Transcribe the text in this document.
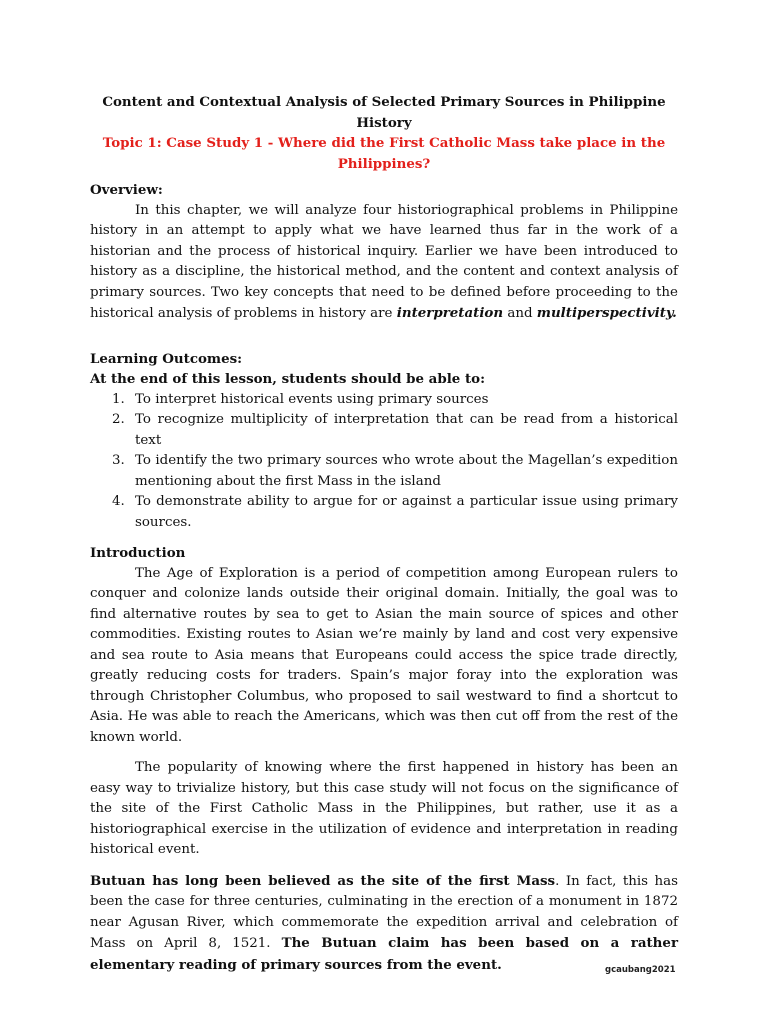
Content and Contextual Analysis of Selected Primary Sources in Philippine History

Topic 1: Case Study 1 - Where did the First Catholic Mass take place in the Philippines?

Overview:

In this chapter, we will analyze four historiographical problems in Philippine history in an attempt to apply what we have learned thus far in the work of a historian and the process of historical inquiry. Earlier we have been introduced to history as a discipline, the historical method, and the content and context analysis of primary sources. Two key concepts that need to be defined before proceeding to the historical analysis of problems in history are interpretation and multiperspectivity.

Learning Outcomes:

At the end of this lesson, students should be able to:

1. To interpret historical events using primary sources
2. To recognize multiplicity of interpretation that can be read from a historical text
3. To identify the two primary sources who wrote about the Magellan’s expedition mentioning about the first Mass in the island
4. To demonstrate ability to argue for or against a particular issue using primary sources.

Introduction

The Age of Exploration is a period of competition among European rulers to conquer and colonize lands outside their original domain. Initially, the goal was to find alternative routes by sea to get to Asian the main source of spices and other commodities. Existing routes to Asian we’re mainly by land and cost very expensive and sea route to Asia means that Europeans could access the spice trade directly, greatly reducing costs for traders. Spain’s major foray into the exploration was through Christopher Columbus, who proposed to sail westward to find a shortcut to Asia. He was able to reach the Americans, which was then cut off from the rest of the known world.

The popularity of knowing where the first happened in history has been an easy way to trivialize history, but this case study will not focus on the significance of the site of the First Catholic Mass in the Philippines, but rather, use it as a historiographical exercise in the utilization of evidence and interpretation in reading historical event.

Butuan has long been believed as the site of the first Mass. In fact, this has been the case for three centuries, culminating in the erection of a monument in 1872 near Agusan River, which commemorate the expedition arrival and celebration of Mass on April 8, 1521. The Butuan claim has been based on a rather elementary reading of primary sources from the event.	gcaubang2021
